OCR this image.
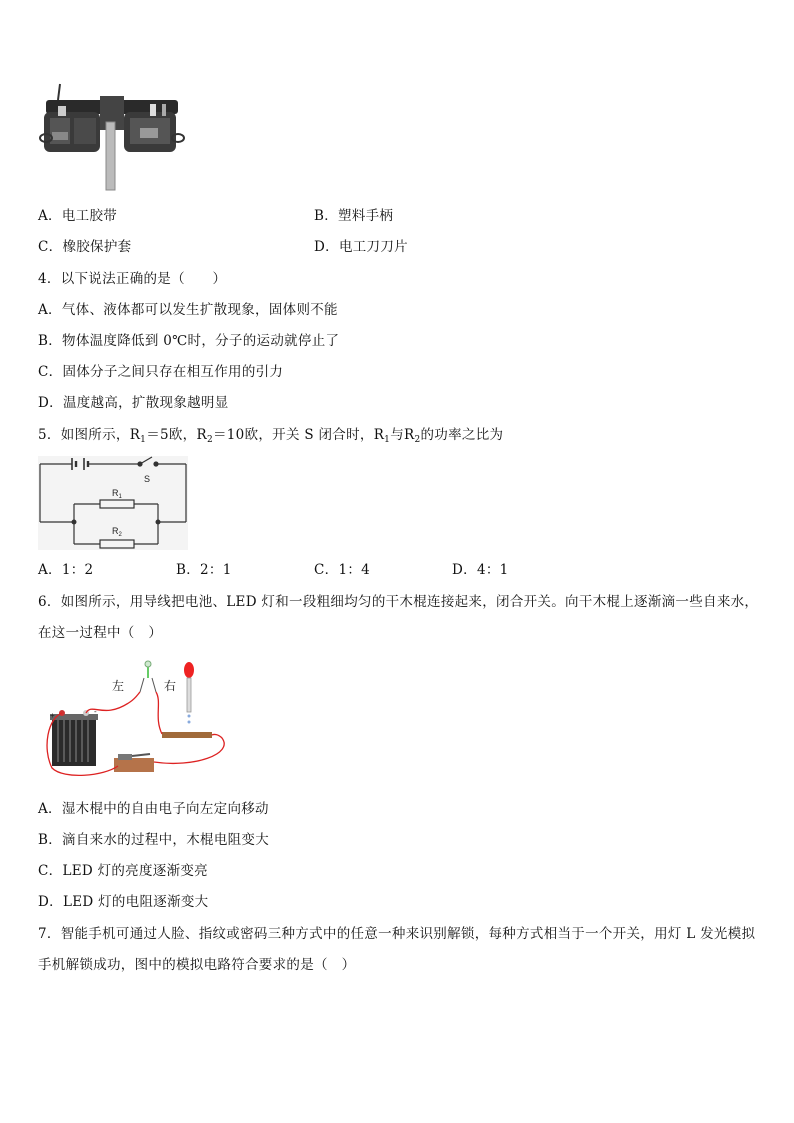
A．电工胶带	B．塑料手柄
C．橡胶保护套	D．电工刀刀片
4．以下说法正确的是（　　）
A．气体、液体都可以发生扩散现象，固体则不能
B．物体温度降低到 0℃时，分子的运动就停止了
C．固体分子之间只存在相互作用的引力
D．温度越高，扩散现象越明显
5．如图所示，$R_1=5$欧，$R_2=10$欧，开关 S 闭合时，$R_1$与$R_2$的功率之比为
S
$R_1$
$R_2$
A．1：2	B．2：1	C．1：4	D．4：1
6．如图所示，用导线把电池、LED 灯和一段粗细均匀的干木棍连接起来，闭合开关。向干木棍上逐渐滴一些自来水，
在这一过程中（　）
+	-
左	右
A．湿木棍中的自由电子向左定向移动
B．滴自来水的过程中，木棍电阻变大
C．LED 灯的亮度逐渐变亮
D．LED 灯的电阻逐渐变大
7．智能手机可通过人脸、指纹或密码三种方式中的任意一种来识别解锁，每种方式相当于一个开关，用灯 L 发光模拟
手机解锁成功，图中的模拟电路符合要求的是（　）
